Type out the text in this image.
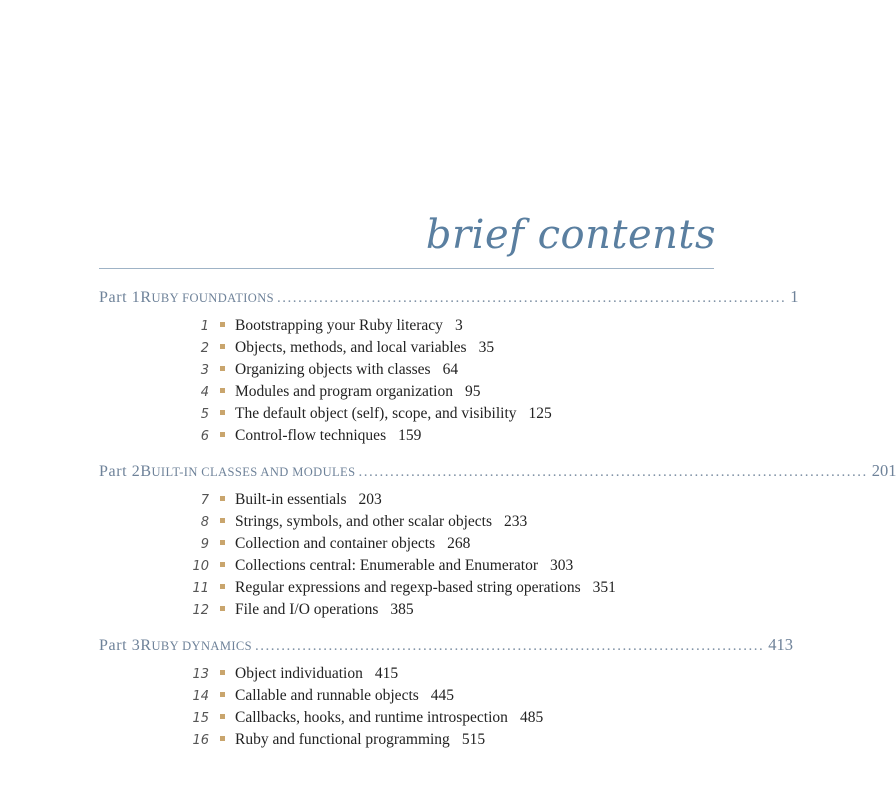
brief contents
Part 1 RUBY FOUNDATIONS ................................................................................................. 1
1 Bootstrapping your Ruby literacy 3
2 Objects, methods, and local variables 35
3 Organizing objects with classes 64
4 Modules and program organization 95
5 The default object (self), scope, and visibility 125
6 Control-flow techniques 159
Part 2 BUILT-IN CLASSES AND MODULES ................................................................................................. 201
7 Built-in essentials 203
8 Strings, symbols, and other scalar objects 233
9 Collection and container objects 268
10 Collections central: Enumerable and Enumerator 303
11 Regular expressions and regexp-based string operations 351
12 File and I/O operations 385
Part 3 RUBY DYNAMICS ................................................................................................. 413
13 Object individuation 415
14 Callable and runnable objects 445
15 Callbacks, hooks, and runtime introspection 485
16 Ruby and functional programming 515
